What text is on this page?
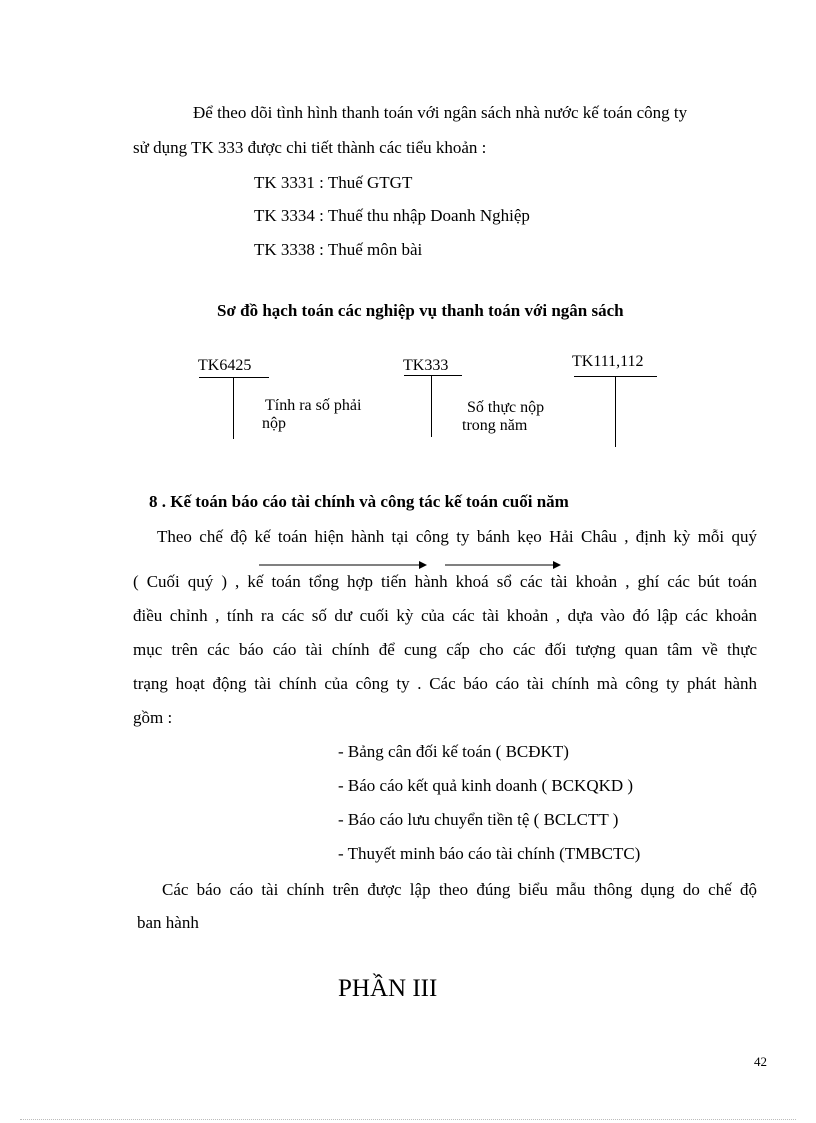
Để theo dõi tình hình thanh toán với ngân sách nhà nước kế toán công ty
sử dụng TK 333 được chi tiết thành các tiểu khoản :
TK 3331 : Thuế GTGT
TK 3334 : Thuế thu nhập Doanh Nghiệp
TK 3338 : Thuế môn bài
Sơ đồ hạch toán các nghiệp vụ thanh toán với ngân sách
TK6425	TK333	TK111,112
Tính ra số phải
nộp
Số thực nộp
trong năm
8 . Kế toán báo cáo tài chính và công tác kế toán cuối năm
Theo chế độ kế toán hiện hành tại công ty bánh kẹo Hải Châu , định kỳ mỗi quý
( Cuối quý ) , kế toán tổng hợp tiến hành khoá sổ các tài khoản , ghí các bút toán
điều chỉnh , tính ra các số dư cuối kỳ của các tài khoản , dựa vào đó lập các khoản
mục trên các báo cáo tài chính để cung cấp cho các đối tượng quan tâm về thực
trạng hoạt động tài chính của công ty . Các báo cáo tài chính mà công ty phát hành
gồm :
- Bảng cân đối kế toán ( BCĐKT)
- Báo cáo kết quả kinh doanh ( BCKQKD )
- Báo cáo lưu chuyển tiền tệ ( BCLCTT )
- Thuyết minh báo cáo tài chính (TMBCTC)
Các báo cáo tài chính trên được lập theo đúng biểu mẫu thông dụng do chế độ
ban hành
PHẦN III
42
